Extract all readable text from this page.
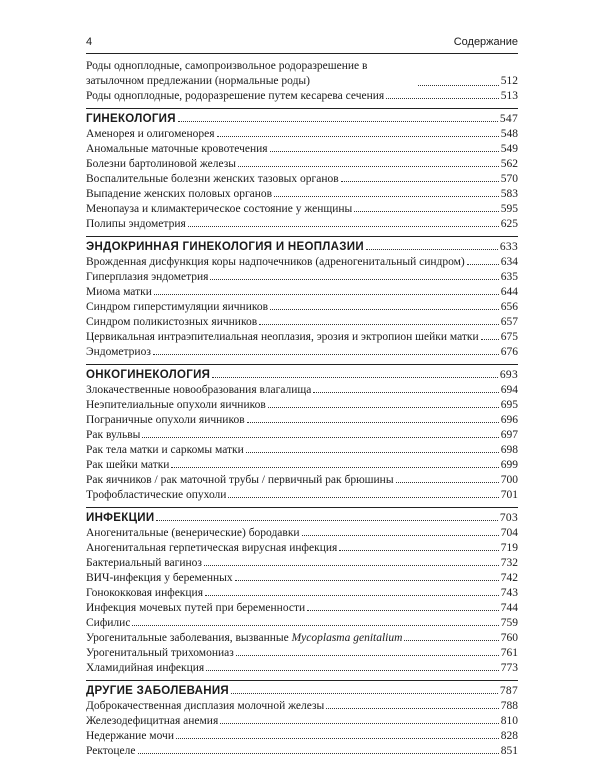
4	Содержание
Роды одноплодные, самопроизвольное родоразрешение в затылочном предлежании (нормальные роды)	512
Роды одноплодные, родоразрешение путем кесарева сечения	513
ГИНЕКОЛОГИЯ	547
Аменорея и олигоменорея	548
Аномальные маточные кровотечения	549
Болезни бартолиновой железы	562
Воспалительные болезни женских тазовых органов	570
Выпадение женских половых органов	583
Менопауза и климактерическое состояние у женщины	595
Полипы эндометрия	625
ЭНДОКРИННАЯ ГИНЕКОЛОГИЯ И НЕОПЛАЗИИ	633
Врожденная дисфункция коры надпочечников (адреногенитальный синдром)	634
Гиперплазия эндометрия	635
Миома матки	644
Синдром гиперстимуляции яичников	656
Синдром поликистозных яичников	657
Цервикальная интраэпителиальная неоплазия, эрозия и эктропион шейки матки 675
Эндометриоз	676
ОНКОГИНЕКОЛОГИЯ	693
Злокачественные новообразования влагалища	694
Неэпителиальные опухоли яичников	695
Пограничные опухоли яичников	696
Рак вульвы	697
Рак тела матки и саркомы матки	698
Рак шейки матки	699
Рак яичников / рак маточной трубы / первичный рак брюшины	700
Трофобластические опухоли	701
ИНФЕКЦИИ	703
Аногенитальные (венерические) бородавки	704
Аногенитальная герпетическая вирусная инфекция	719
Бактериальный вагиноз	732
ВИЧ-инфекция у беременных	742
Гонококковая инфекция	743
Инфекция мочевых путей при беременности	744
Сифилис	759
Урогенитальные заболевания, вызванные Mycoplasma genitalium	760
Урогенитальный трихомониаз	761
Хламидийная инфекция	773
ДРУГИЕ ЗАБОЛЕВАНИЯ	787
Доброкачественная дисплазия молочной железы	788
Железодефицитная анемия	810
Недержание мочи	828
Ректоцеле	851
